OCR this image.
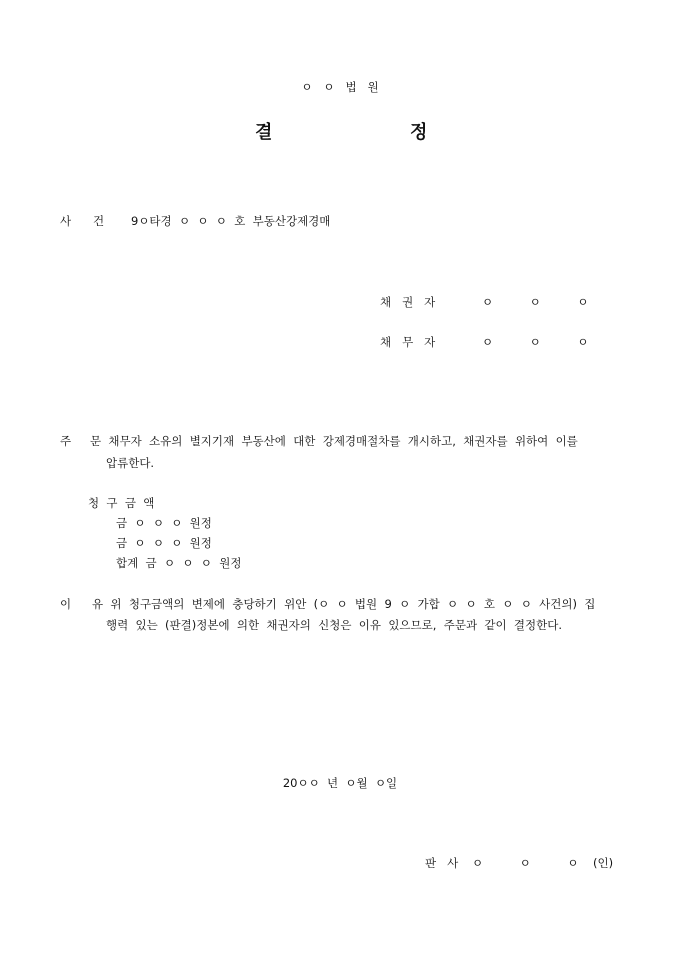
ㅇ   ㅇ   법   원
결	정
사      건 9ㅇ타경  ㅇ  ㅇ  ㅇ  호  부동산강제경매
채   권   자	ㅇ          ㅇ          ㅇ
채   무   자	ㅇ          ㅇ          ㅇ
주 문  채무자  소유의  별지기재  부동산에  대한  강제경매절차를  개시하고,  채권자를  위하여  이를
압류한다.
청  구  금  액
금  ㅇ  ㅇ  ㅇ  원정
금  ㅇ  ㅇ  ㅇ  원정
합계  금  ㅇ  ㅇ  ㅇ  원정
이 유  위  청구금액의  변제에  충당하기  위안  (ㅇ  ㅇ  법원  9  ㅇ  가합  ㅇ  ㅇ  호  ㅇ  ㅇ  사건의)  집
행력  있는  (판결)정본에  의한  채권자의  신청은  이유  있으므로,  주문과  같이  결정한다.
20ㅇㅇ  년  ㅇ월  ㅇ일
판   사 ㅇ          ㅇ          ㅇ    (인)
